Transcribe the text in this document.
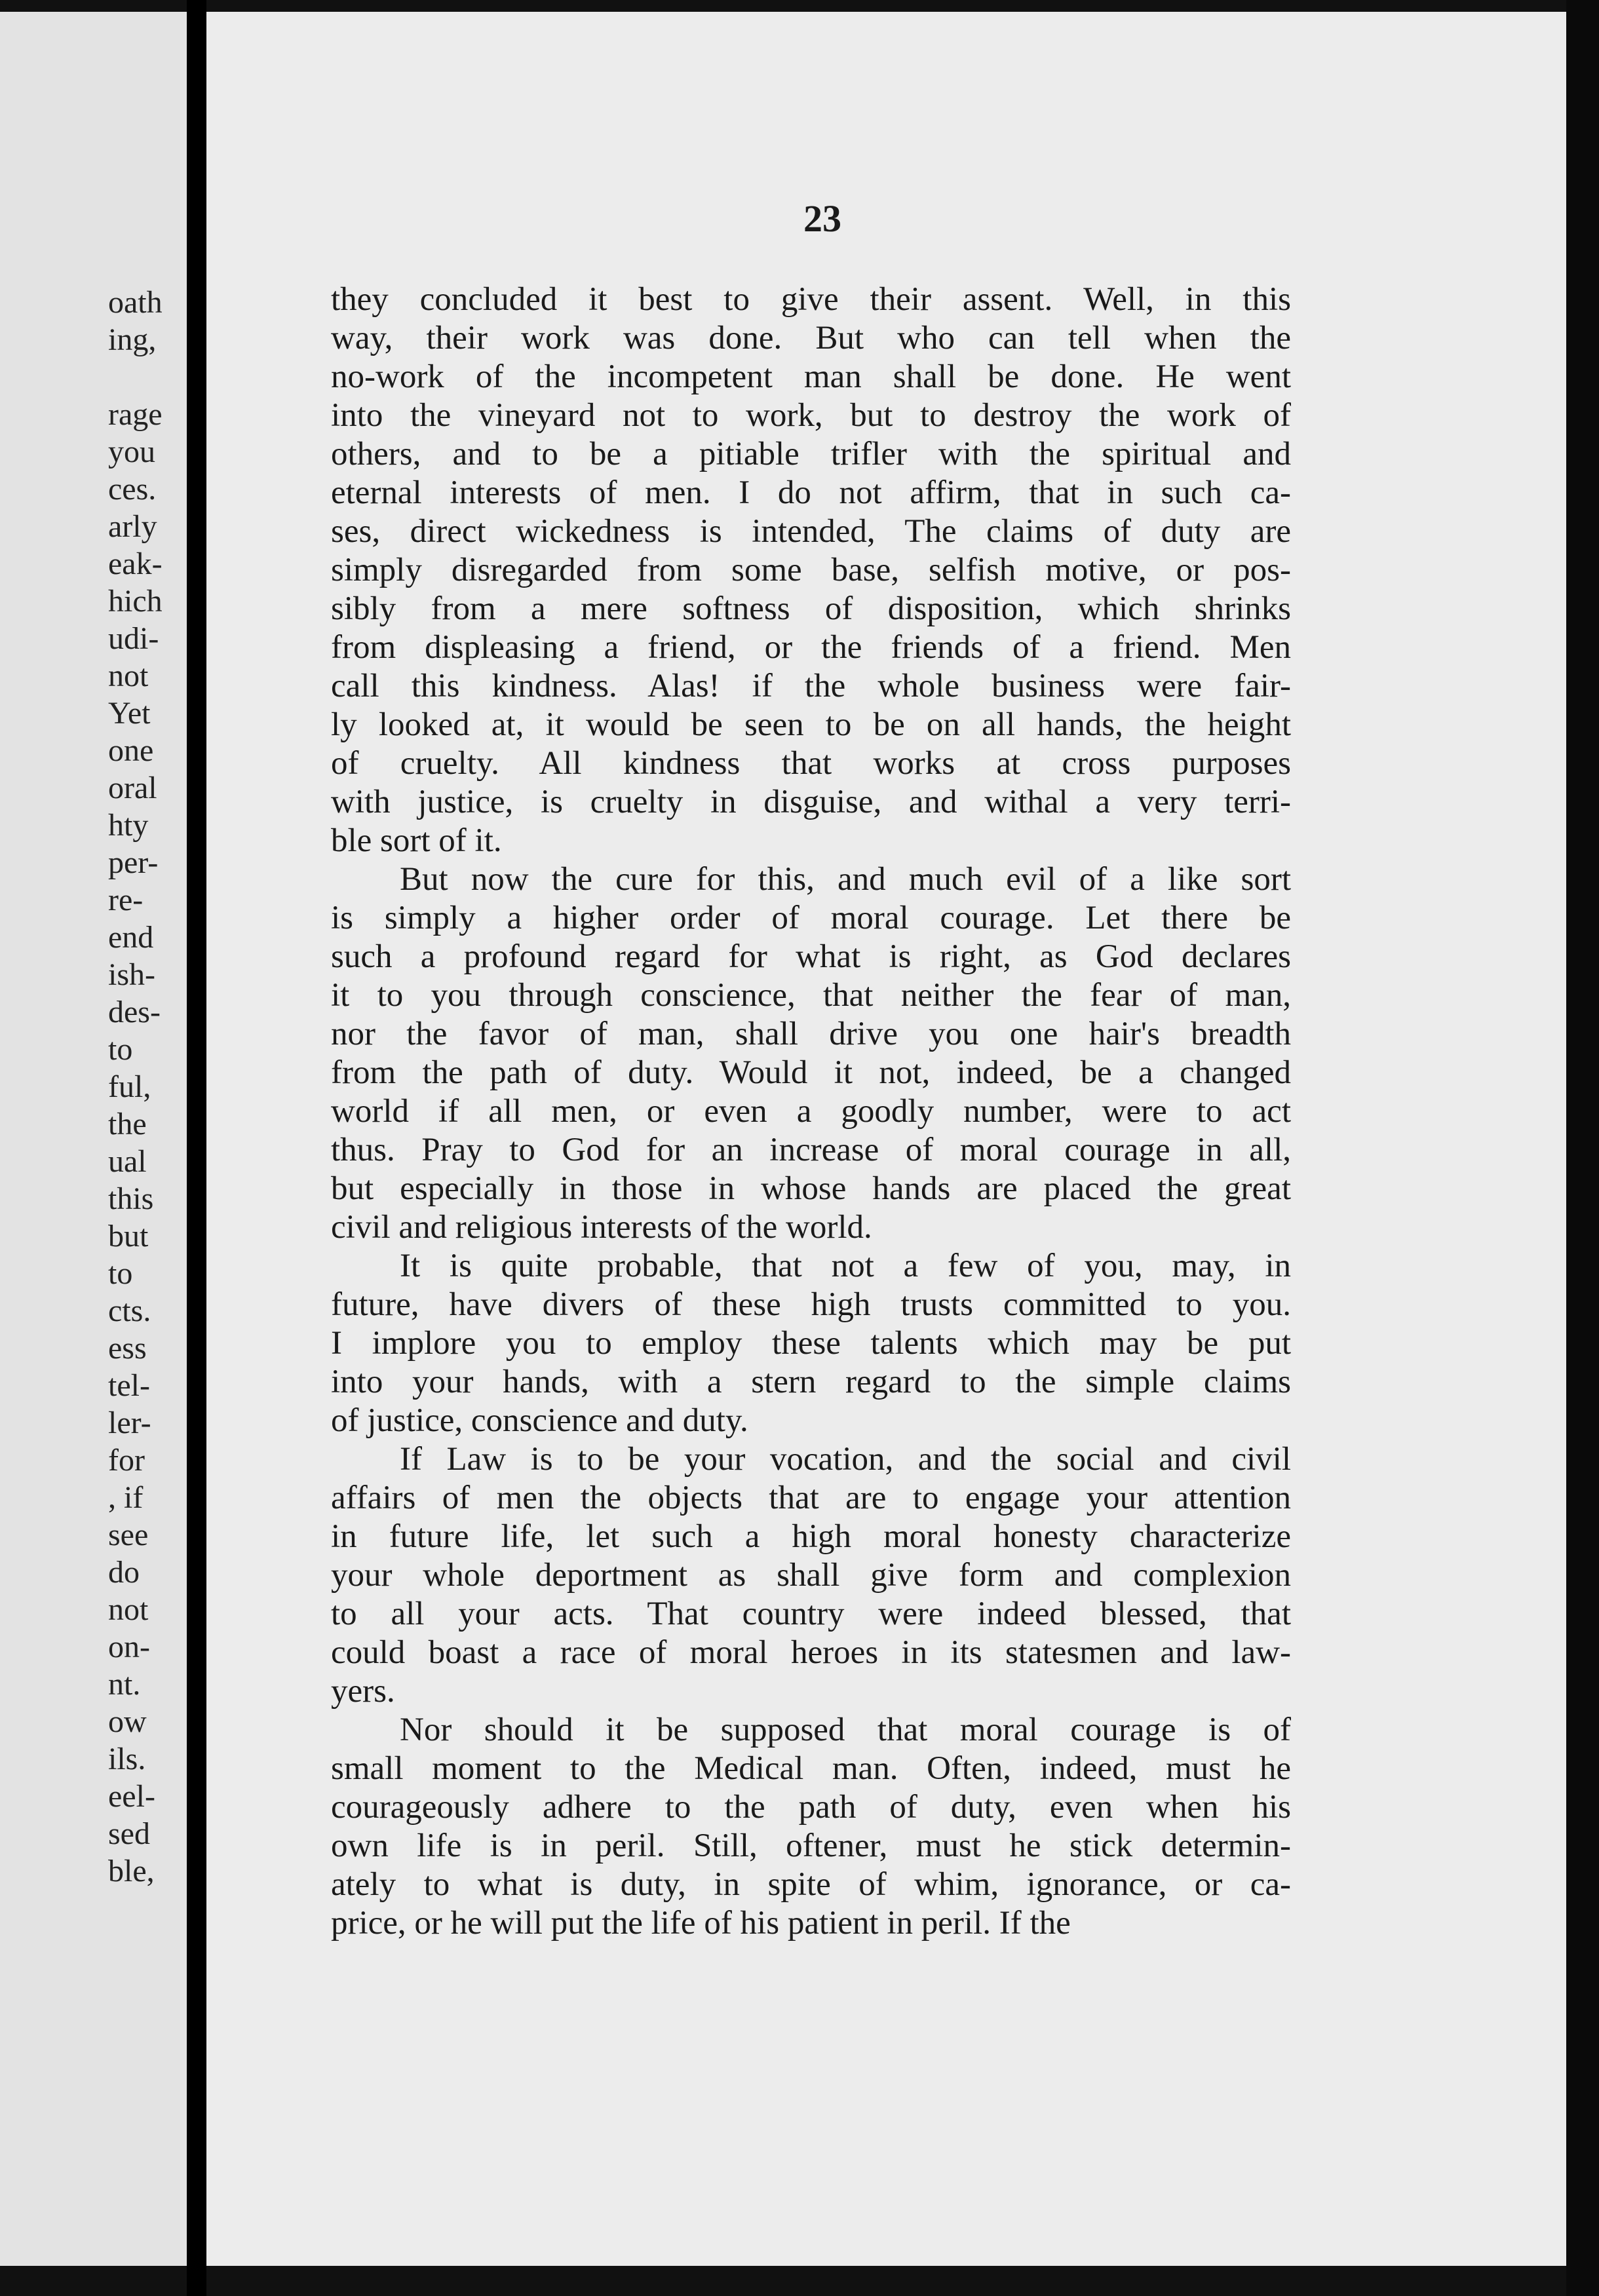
oath
ing,

rage
you
ces.
arly
eak-
hich
udi-
not
Yet
one
oral
hty
per-
re-
end
ish-
des-
to
ful,
the
ual
this
but
to
cts.
ess
tel-
ler-
for
, if
see
do
not
on-
nt.
ow
ils.
eel-
sed
ble,
23
they concluded it best to give their assent. Well, in this
way, their work was done. But who can tell when the
no-work of the incompetent man shall be done. He went
into the vineyard not to work, but to destroy the work of
others, and to be a pitiable trifler with the spiritual and
eternal interests of men. I do not affirm, that in such ca-
ses, direct wickedness is intended, The claims of duty are
simply disregarded from some base, selfish motive, or pos-
sibly from a mere softness of disposition, which shrinks
from displeasing a friend, or the friends of a friend. Men
call this kindness. Alas! if the whole business were fair-
ly looked at, it would be seen to be on all hands, the height
of cruelty. All kindness that works at cross purposes
with justice, is cruelty in disguise, and withal a very terri-
ble sort of it.
But now the cure for this, and much evil of a like sort
is simply a higher order of moral courage. Let there be
such a profound regard for what is right, as God declares
it to you through conscience, that neither the fear of man,
nor the favor of man, shall drive you one hair's breadth
from the path of duty. Would it not, indeed, be a changed
world if all men, or even a goodly number, were to act
thus. Pray to God for an increase of moral courage in all,
but especially in those in whose hands are placed the great
civil and religious interests of the world.
It is quite probable, that not a few of you, may, in
future, have divers of these high trusts committed to you.
I implore you to employ these talents which may be put
into your hands, with a stern regard to the simple claims
of justice, conscience and duty.
If Law is to be your vocation, and the social and civil
affairs of men the objects that are to engage your attention
in future life, let such a high moral honesty characterize
your whole deportment as shall give form and complexion
to all your acts. That country were indeed blessed, that
could boast a race of moral heroes in its statesmen and law-
yers.
Nor should it be supposed that moral courage is of
small moment to the Medical man. Often, indeed, must he
courageously adhere to the path of duty, even when his
own life is in peril. Still, oftener, must he stick determin-
ately to what is duty, in spite of whim, ignorance, or ca-
price, or he will put the life of his patient in peril. If the
